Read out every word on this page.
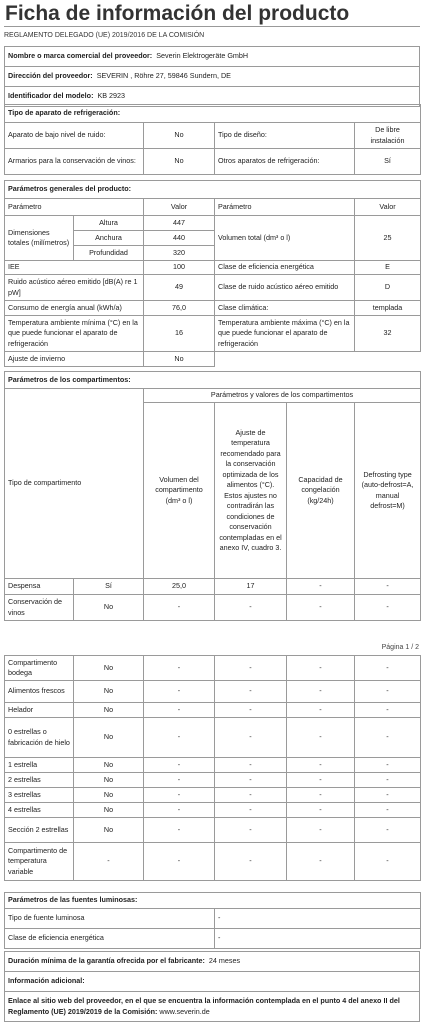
Ficha de información del producto
REGLAMENTO DELEGADO (UE) 2019/2016 DE LA COMISIÓN
Nombre o marca comercial del proveedor: Severin Elektrogeräte GmbH
Dirección del proveedor: SEVERIN , Röhre 27, 59846 Sundern, DE
Identificador del modelo: KB 2923
Tipo de aparato de refrigeración:			
Aparato de bajo nivel de ruido:	No	Tipo de diseño:	De libre instalación
Armarios para la conservación de vinos:	No	Otros aparatos de refrigeración:	Sí
Parámetros generales del producto:				
Parámetro		Valor	Parámetro	Valor
Dimensiones totales (milímetros)	Altura	447	Volumen total (dm³ o l)	25
	Anchura	440		
	Profundidad	320		
IEE		100	Clase de eficiencia energética	E
Ruido acústico aéreo emitido [dB(A) re 1 pW]		49	Clase de ruido acústico aéreo emitido	D
Consumo de energía anual (kWh/a)		76,0	Clase climática:	templada
Temperatura ambiente mínima (°C) en la que puede funcionar el aparato de refrigeración		16	Temperatura ambiente máxima (°C) en la que puede funcionar el aparato de refrigeración	32
Ajuste de invierno		No		
Parámetros de los compartimentos:					
Tipo de compartimento		Parámetros y valores de los compartimentos			
		Volumen del compartimento (dm³ o l)	Ajuste de temperatura recomendado para la conservación optimizada de los alimentos (°C). Estos ajustes no contradirán las condiciones de conservación contempladas en el anexo IV, cuadro 3.	Capacidad de congelación (kg/24h)	Defrosting type (auto-defrost=A, manual defrost=M)
Despensa	Sí	25,0	17	-	-
Conservación de vinos	No	-	-	-	-
Página 1 / 2
Compartimento bodega	No	-	-	-	-
Alimentos frescos	No	-	-	-	-
Helador	No	-	-	-	-
0 estrellas o fabricación de hielo	No	-	-	-	-
1 estrella	No	-	-	-	-
2 estrellas	No	-	-	-	-
3 estrellas	No	-	-	-	-
4 estrellas	No	-	-	-	-
Sección 2 estrellas	No	-	-	-	-
Compartimento de temperatura variable	-	-	-	-	-
Parámetros de las fuentes luminosas:	
Tipo de fuente luminosa	-
Clase de eficiencia energética	-
Duración mínima de la garantía ofrecida por el fabricante: 24 meses
Información adicional:
Enlace al sitio web del proveedor, en el que se encuentra la información contemplada en el punto 4 del anexo II del Reglamento (UE) 2019/2019 de la Comisión: www.severin.de
